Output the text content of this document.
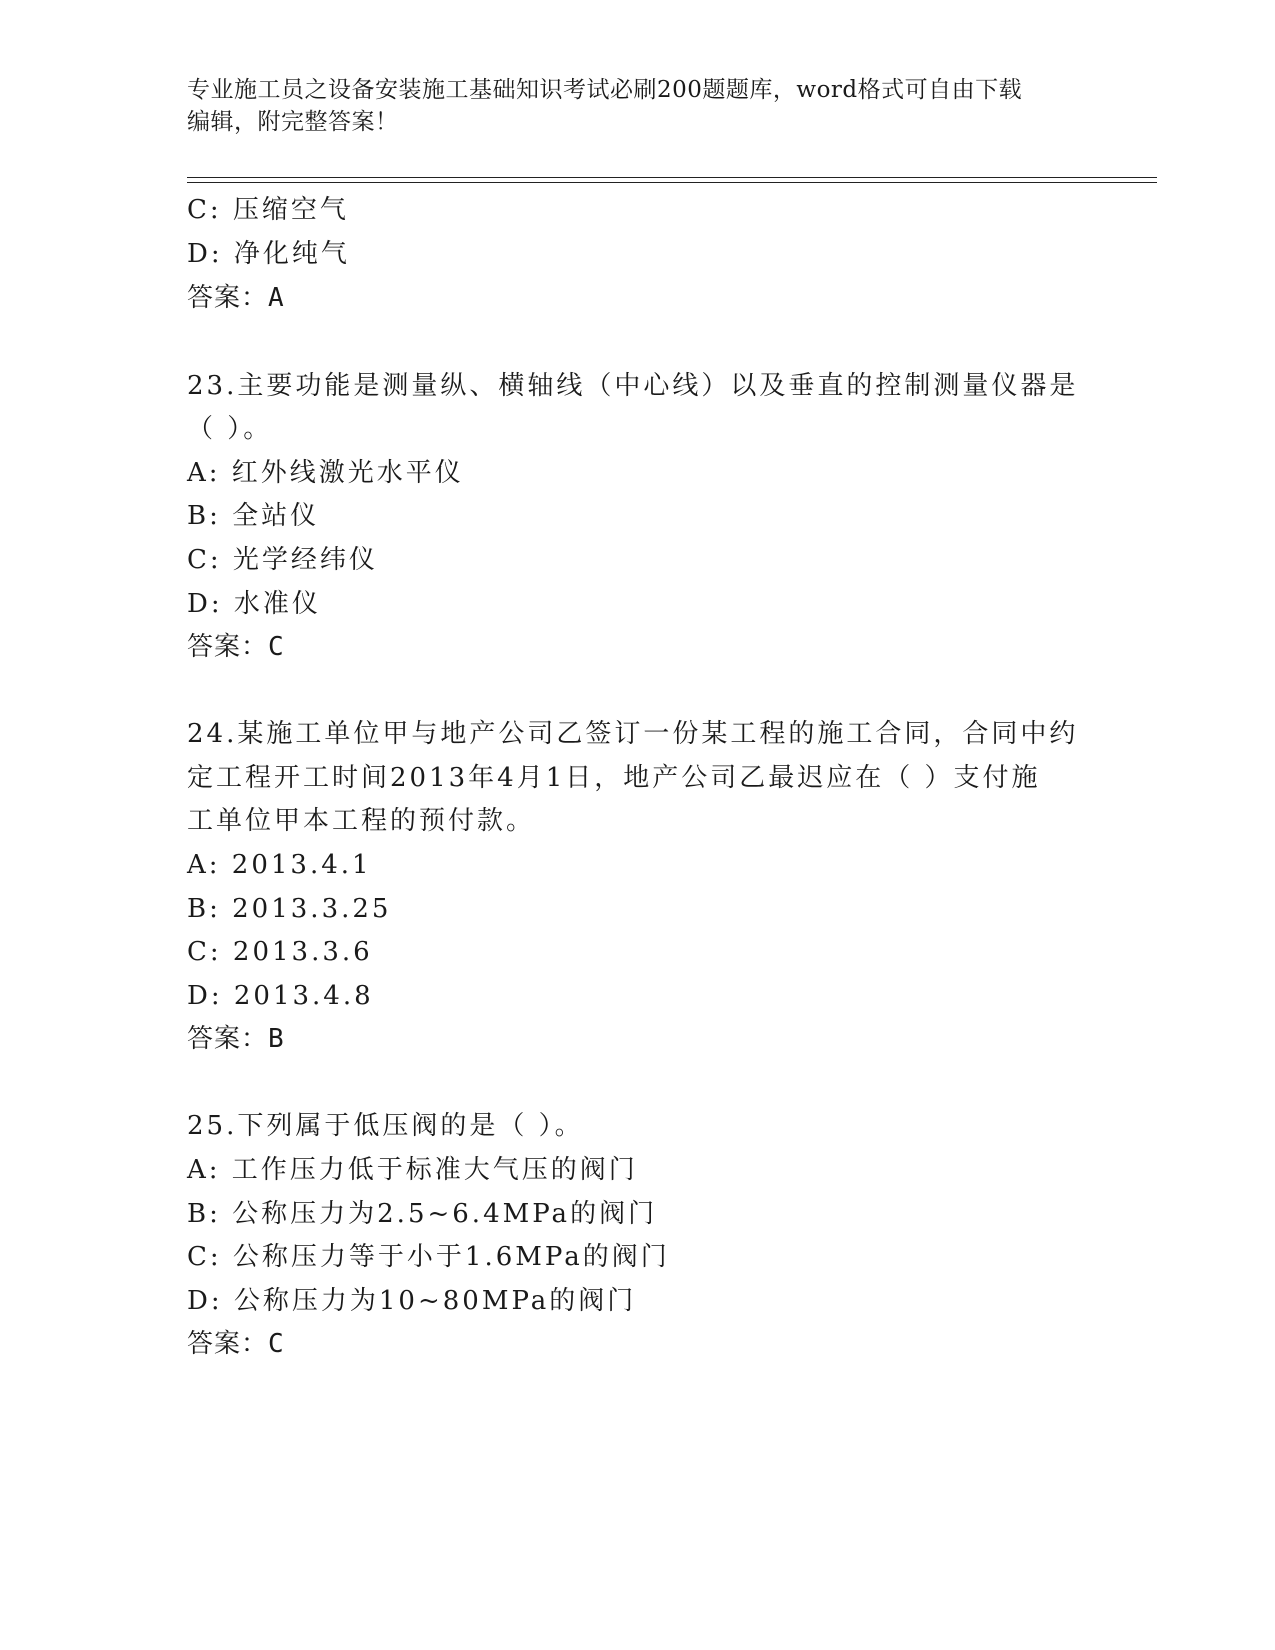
专业施工员之设备安装施工基础知识考试必刷200题题库，word格式可自由下载
编辑，附完整答案！
C: 压缩空气
D: 净化纯气
答案：A
23.主要功能是测量纵、横轴线（中心线）以及垂直的控制测量仪器是
（ ）。
A: 红外线激光水平仪
B: 全站仪
C: 光学经纬仪
D: 水准仪
答案：C
24.某施工单位甲与地产公司乙签订一份某工程的施工合同，合同中约
定工程开工时间2013年4月1日，地产公司乙最迟应在（ ）支付施
工单位甲本工程的预付款。
A: 2013.4.1
B: 2013.3.25
C: 2013.3.6
D: 2013.4.8
答案：B
25.下列属于低压阀的是（ ）。
A: 工作压力低于标准大气压的阀门
B: 公称压力为2.5~6.4MPa的阀门
C: 公称压力等于小于1.6MPa的阀门
D: 公称压力为10~80MPa的阀门
答案：C
